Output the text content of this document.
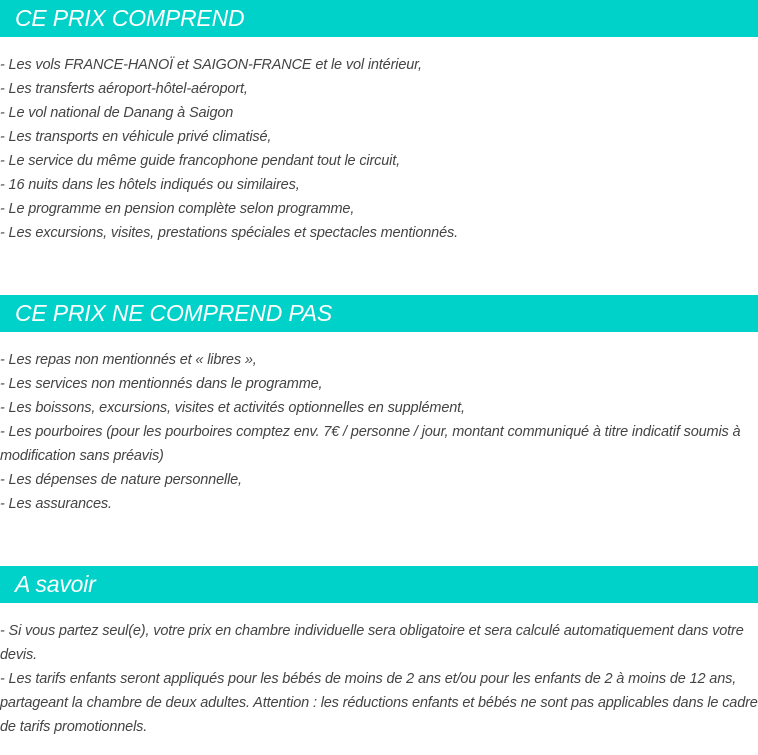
CE PRIX COMPREND
- Les vols FRANCE-HANOÏ et SAIGON-FRANCE et le vol intérieur,
- Les transferts aéroport-hôtel-aéroport,
- Le vol national de Danang à Saigon
- Les transports en véhicule privé climatisé,
- Le service du même guide francophone pendant tout le circuit,
- 16 nuits dans les hôtels indiqués ou similaires,
- Le programme en pension complète selon programme,
- Les excursions, visites, prestations spéciales et spectacles mentionnés.
CE PRIX NE COMPREND PAS
- Les repas non mentionnés et « libres »,
- Les services non mentionnés dans le programme,
- Les boissons, excursions, visites et activités optionnelles en supplément,
- Les pourboires (pour les pourboires comptez env. 7€ / personne / jour, montant communiqué à titre indicatif soumis à modification sans préavis)
- Les dépenses de nature personnelle,
- Les assurances.
A savoir
- Si vous partez seul(e), votre prix en chambre individuelle sera obligatoire et sera calculé automatiquement dans votre devis.
- Les tarifs enfants seront appliqués pour les bébés de moins de 2 ans et/ou pour les enfants de 2 à moins de 12 ans, partageant la chambre de deux adultes. Attention : les réductions enfants et bébés ne sont pas applicables dans le cadre de tarifs promotionnels.
